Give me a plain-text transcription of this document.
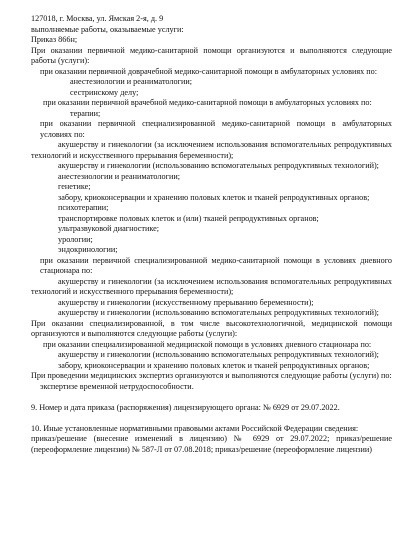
127018, г. Москва, ул. Ямская 2-я, д. 9
выполняемые работы, оказываемые услуги:
Приказ 866н;
При оказании первичной медико-санитарной помощи организуются и выполняются следующие работы (услуги):
при оказании первичной доврачебной медико-санитарной помощи в амбулаторных условиях по:
анестезиологии и реаниматологии;
сестринскому делу;
при оказании первичной врачебной медико-санитарной помощи в амбулаторных условиях по:
терапии;
при оказании первичной специализированной медико-санитарной помощи в амбулаторных условиях по:
акушерству и гинекологии (за исключением использования вспомогательных репродуктивных технологий и искусственного прерывания беременности);
акушерству и гинекологии (использованию вспомогательных репродуктивных технологий);
анестезиологии и реаниматологии;
генетике;
забору, криоконсервации и хранению половых клеток и тканей репродуктивных органов;
психотерапии;
транспортировке половых клеток и (или) тканей репродуктивных органов;
ультразвуковой диагностике;
урологии;
эндокринологии;
при оказании первичной специализированной медико-санитарной помощи в условиях дневного стационара по:
акушерству и гинекологии (за исключением использования вспомогательных репродуктивных технологий и искусственного прерывания беременности);
акушерству и гинекологии (искусственному прерыванию беременности);
акушерству и гинекологии (использованию вспомогательных репродуктивных технологий);
При оказании специализированной, в том числе высокотехнологичной, медицинской помощи организуются и выполняются следующие работы (услуги):
при оказании специализированной медицинской помощи в условиях дневного стационара по:
акушерству и гинекологии (использованию вспомогательных репродуктивных технологий);
забору, криоконсервации и хранению половых клеток и тканей репродуктивных органов;
При проведении медицинских экспертиз организуются и выполняются следующие работы (услуги) по:
экспертизе временной нетрудоспособности.
9. Номер и дата приказа (распоряжения) лицензирующего органа: № 6929 от 29.07.2022.
10. Иные установленные нормативными правовыми актами Российской Федерации сведения:
приказ/решение (внесение изменений в лицензию) № 6929 от 29.07.2022; приказ/решение (переоформление лицензии) № 587-Л от 07.08.2018; приказ/решение (переоформление лицензии)
